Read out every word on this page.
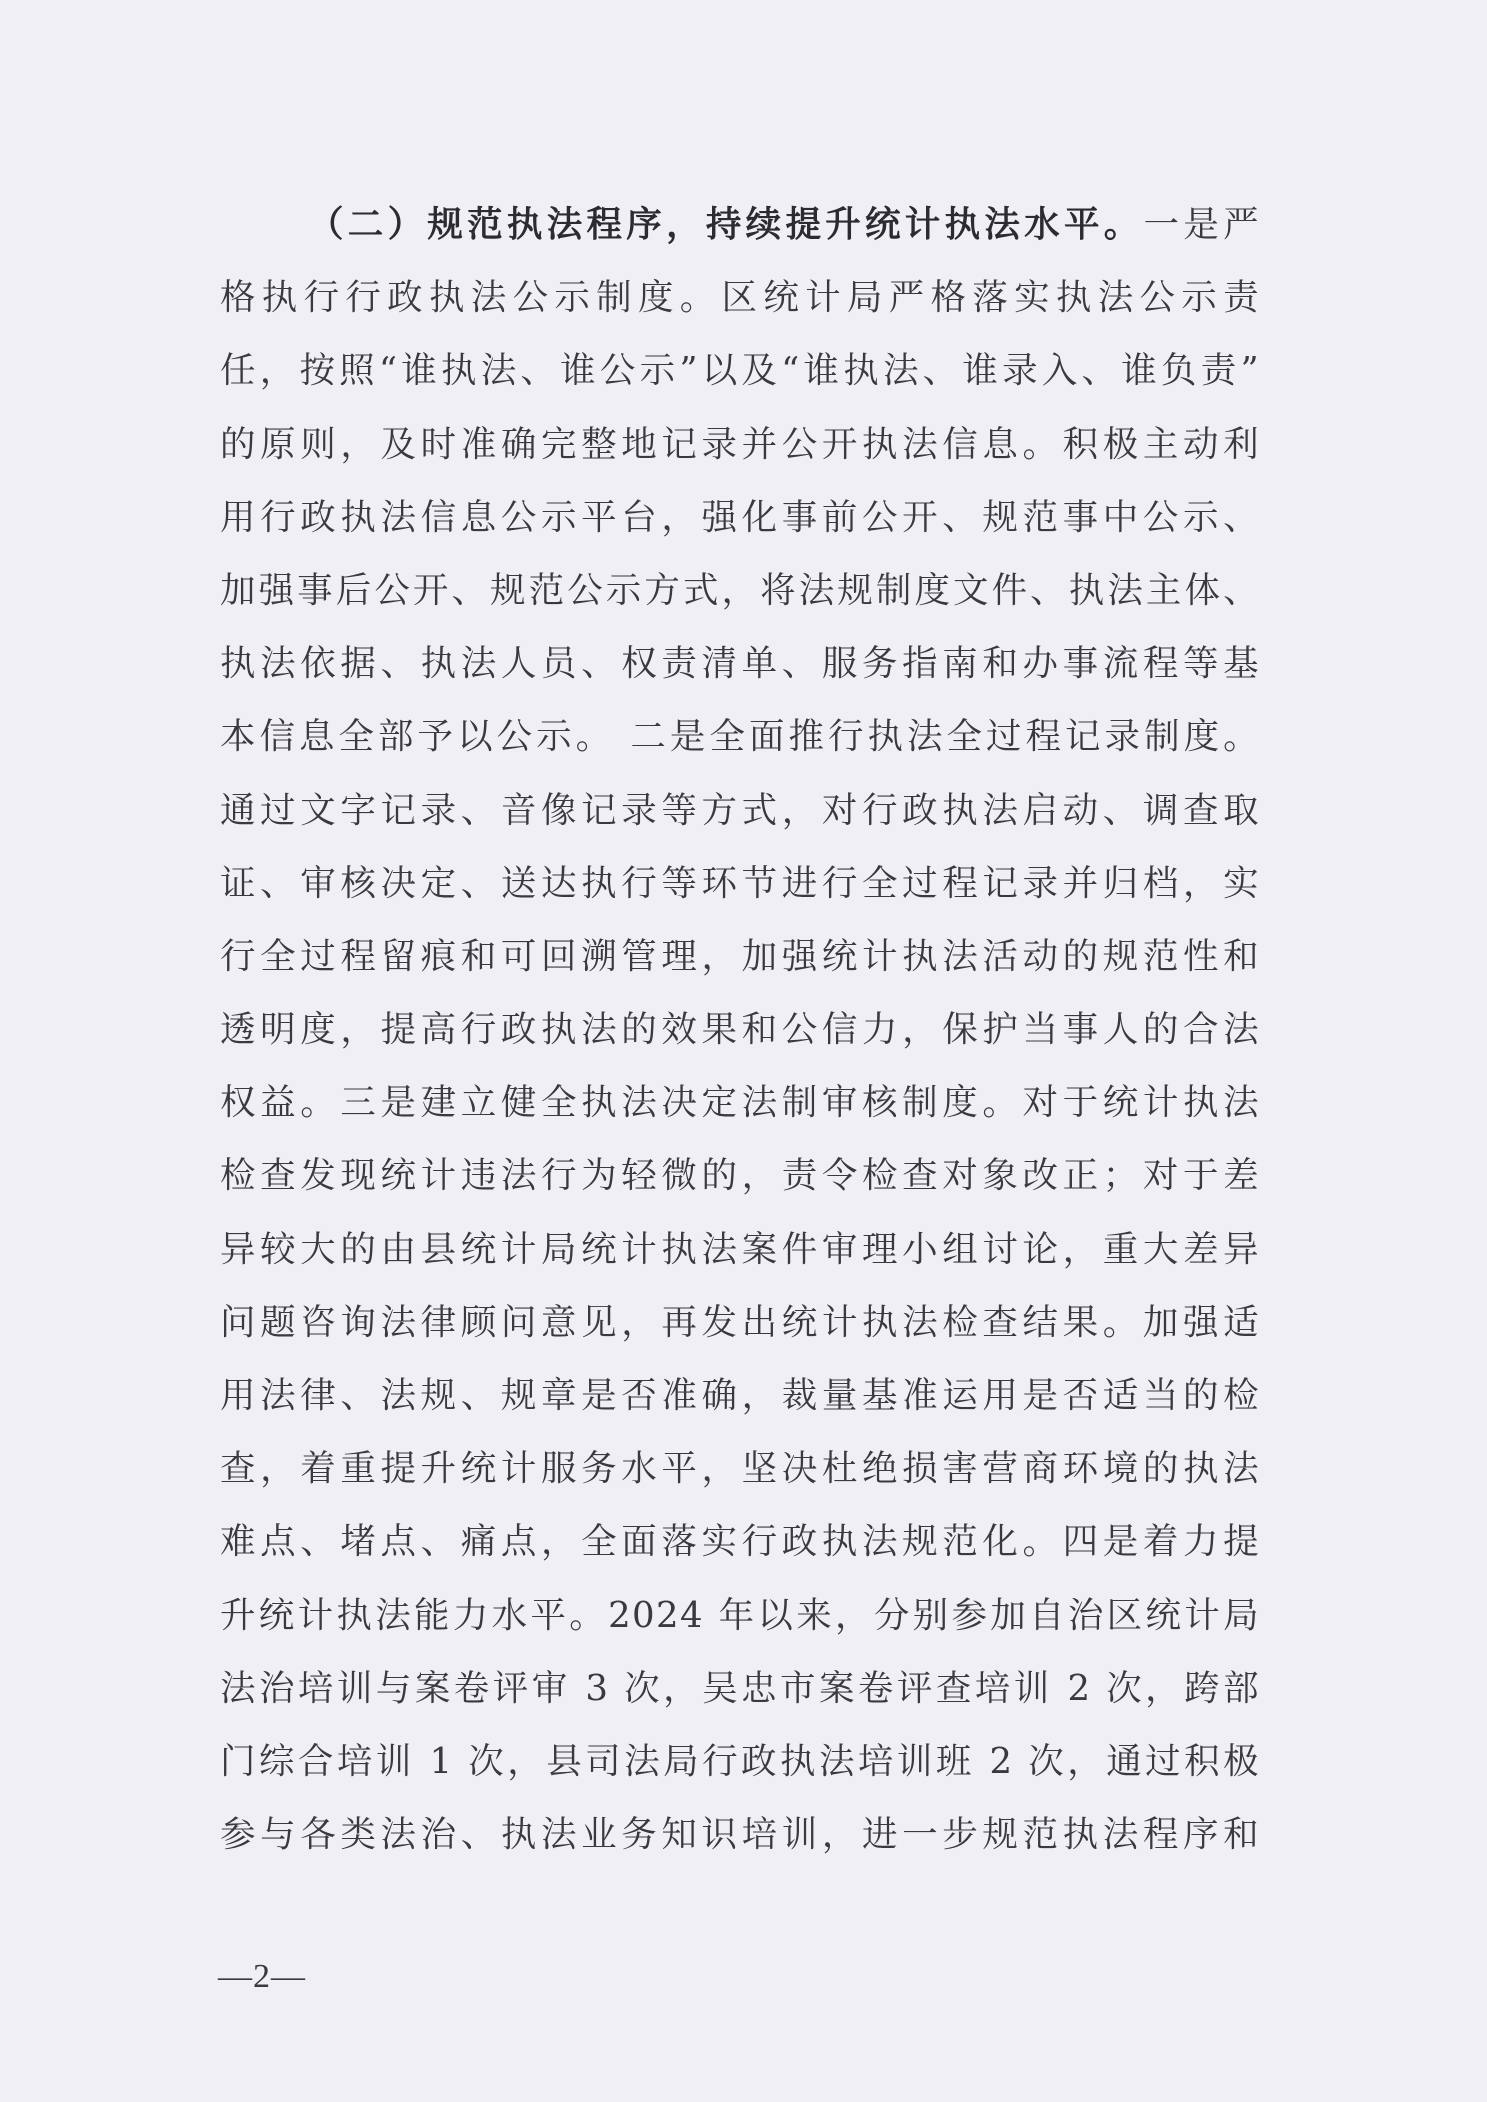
（二）规范执法程序，持续提升统计执法水平。一是严
格执行行政执法公示制度。区统计局严格落实执法公示责
任，按照“谁执法、谁公示”以及“谁执法、谁录入、谁负责”
的原则，及时准确完整地记录并公开执法信息。积极主动利
用行政执法信息公示平台，强化事前公开、规范事中公示、
加强事后公开、规范公示方式，将法规制度文件、执法主体、
执法依据、执法人员、权责清单、服务指南和办事流程等基
本信息全部予以公示。 二是全面推行执法全过程记录制度。
通过文字记录、音像记录等方式，对行政执法启动、调查取
证、审核决定、送达执行等环节进行全过程记录并归档，实
行全过程留痕和可回溯管理，加强统计执法活动的规范性和
透明度，提高行政执法的效果和公信力，保护当事人的合法
权益。三是建立健全执法决定法制审核制度。对于统计执法
检查发现统计违法行为轻微的，责令检查对象改正；对于差
异较大的由县统计局统计执法案件审理小组讨论，重大差异
问题咨询法律顾问意见，再发出统计执法检查结果。加强适
用法律、法规、规章是否准确，裁量基准运用是否适当的检
查，着重提升统计服务水平，坚决杜绝损害营商环境的执法
难点、堵点、痛点，全面落实行政执法规范化。四是着力提
升统计执法能力水平。2024 年以来，分别参加自治区统计局
法治培训与案卷评审 3 次，吴忠市案卷评查培训 2 次，跨部
门综合培训 1 次，县司法局行政执法培训班 2 次，通过积极
参与各类法治、执法业务知识培训，进一步规范执法程序和
—2—
